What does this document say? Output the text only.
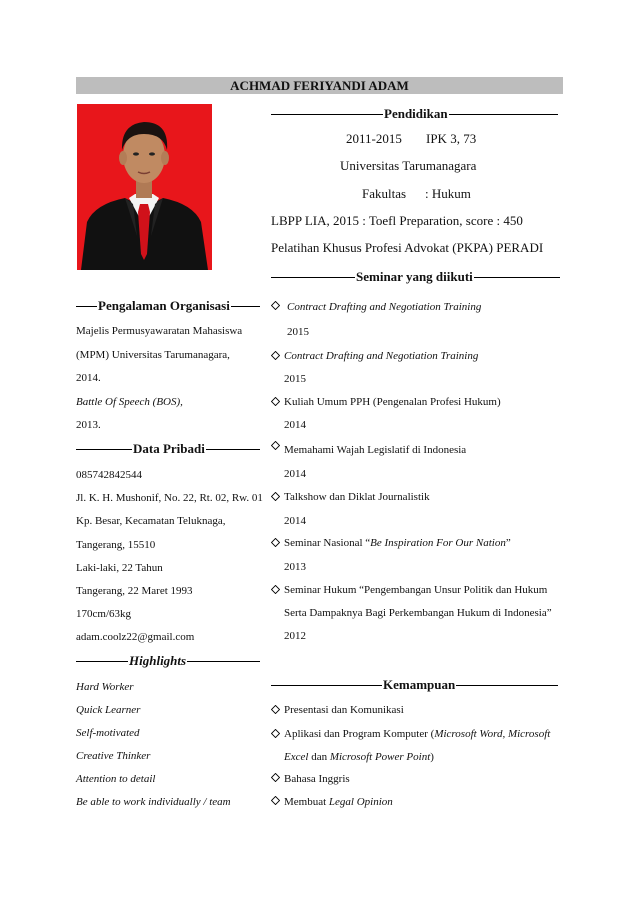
ACHMAD FERIYANDI ADAM
Pendidikan
2011-2015 IPK 3, 73
Universitas Tarumanagara
Fakultas : Hukum
LBPP LIA, 2015 : Toefl Preparation, score : 450
Pelatihan Khusus Profesi Advokat (PKPA) PERADI
Seminar yang diikuti
Pengalaman Organisasi
Majelis Permusyawaratan Mahasiswa
(MPM) Universitas Tarumanagara,
2014.
Battle Of Speech (BOS),
2013.
Data Pribadi
085742842544
Jl. K. H. Mushonif, No. 22, Rt. 02, Rw. 01
Kp. Besar, Kecamatan Teluknaga,
Tangerang, 15510
Laki-laki, 22 Tahun
Tangerang, 22 Maret 1993
170cm/63kg
adam.coolz22@gmail.com
Highlights
Hard Worker
Quick Learner
Self-motivated
Creative Thinker
Attention to detail
Be able to work individually / team
Contract Drafting and Negotiation Training
2015
Contract Drafting and Negotiation Training
2015
Kuliah Umum PPH (Pengenalan Profesi Hukum)
2014
Memahami Wajah Legislatif di Indonesia
2014
Talkshow dan Diklat Journalistik
2014
Seminar Nasional “Be Inspiration For Our Nation”
2013
Seminar Hukum “Pengembangan Unsur Politik dan Hukum
Serta Dampaknya Bagi Perkembangan Hukum di Indonesia”
2012
Kemampuan
Presentasi dan Komunikasi
Aplikasi dan Program Komputer (Microsoft Word, Microsoft
Excel dan Microsoft Power Point)
Bahasa Inggris
Membuat Legal Opinion
